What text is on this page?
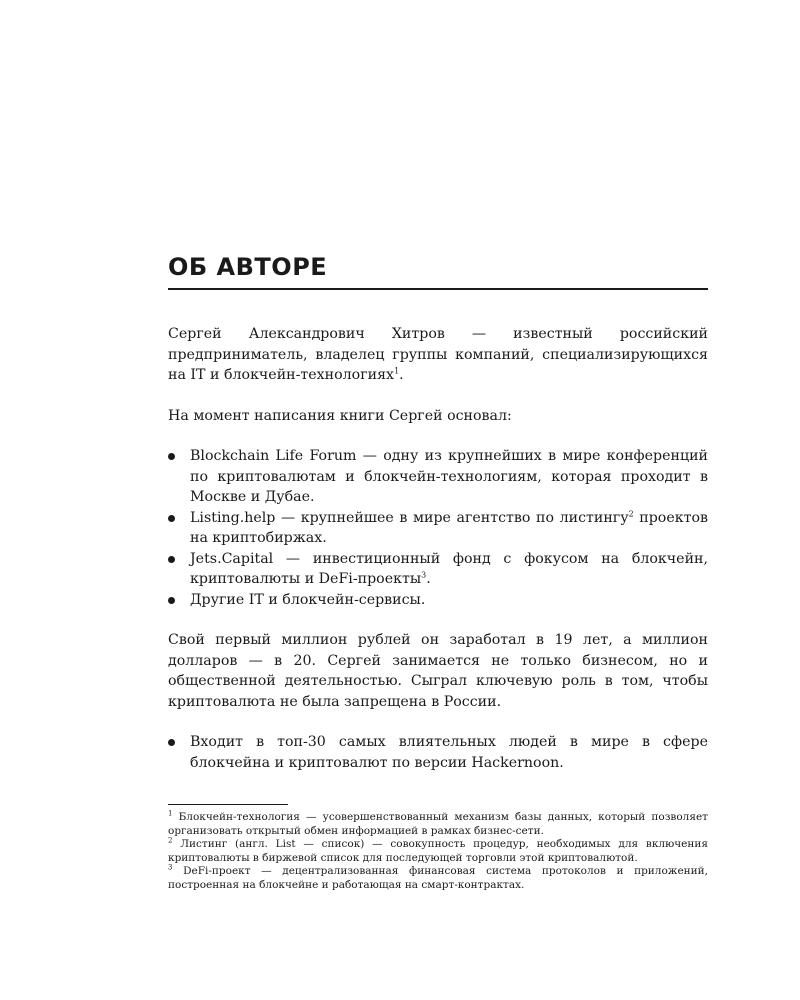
ОБ АВТОРЕ

Сергей Александрович Хитров — известный российский предприниматель, владелец группы компаний, специализирующихся на IT и блокчейн-технологиях$^1$.

На момент написания книги Сергей основал:

Blockchain Life Forum — одну из крупнейших в мире конференций по криптовалютам и блокчейн-технологиям, которая проходит в Москве и Дубае.
Listing.help — крупнейшее в мире агентство по листингу$^2$ проектов на криптобиржах.
Jets.Capital — инвестиционный фонд с фокусом на блокчейн, криптовалюты и DeFi-проекты$^3$.
Другие IT и блокчейн-сервисы.

Свой первый миллион рублей он заработал в 19 лет, а миллион долларов — в 20. Сергей занимается не только бизнесом, но и общественной деятельностью. Сыграл ключевую роль в том, чтобы криптовалюта не была запрещена в России.

Входит в топ-30 самых влиятельных людей в мире в сфере блокчейна и криптовалют по версии Hackernoon.

$^1$ Блокчейн-технология — усовершенствованный механизм базы данных, который позволяет организовать открытый обмен информацией в рамках бизнес-сети.

$^2$ Листинг (англ. List — список) — совокупность процедур, необходимых для включения криптовалюты в биржевой список для последующей торговли этой криптовалютой.

$^3$ DeFi-проект — децентрализованная финансовая система протоколов и приложений, построенная на блокчейне и работающая на смарт-контрактах.
